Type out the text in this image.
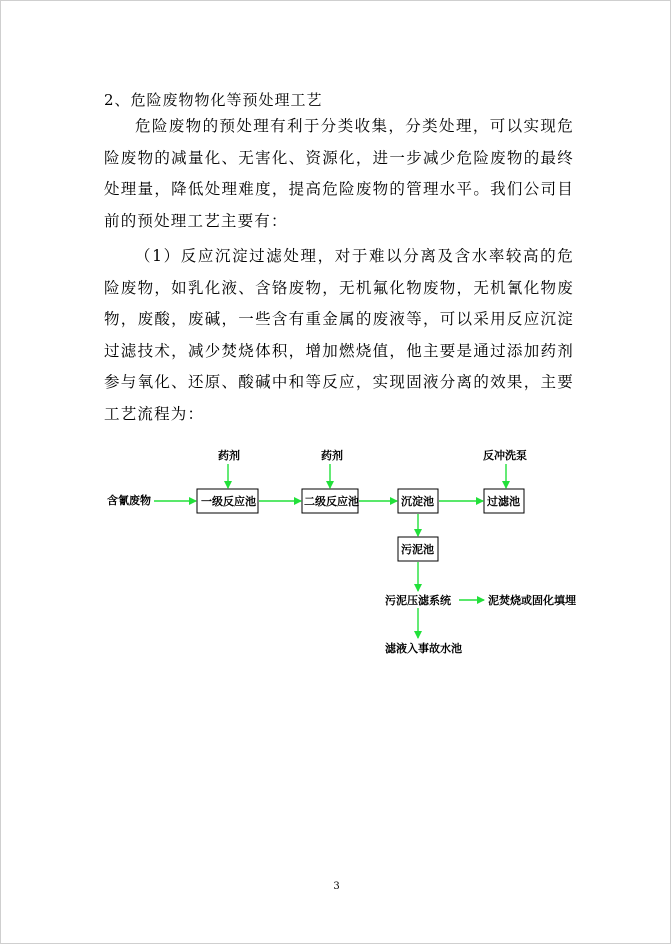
2、危险废物物化等预处理工艺
危险废物的预处理有利于分类收集，分类处理，可以实现危险废物的减量化、无害化、资源化，进一步减少危险废物的最终处理量，降低处理难度，提高危险废物的管理水平。我们公司目前的预处理工艺主要有：
（1）反应沉淀过滤处理，对于难以分离及含水率较高的危险废物，如乳化液、含铬废物，无机氟化物废物，无机氰化物废物，废酸，废碱，一些含有重金属的废液等，可以采用反应沉淀过滤技术，减少焚烧体积，增加燃烧值，他主要是通过添加药剂参与氧化、还原、酸碱中和等反应，实现固液分离的效果，主要工艺流程为：
含氰废物
药剂	药剂	反冲洗泵
一级反应池	二级反应池	沉淀池	过滤池
污泥池
污泥压滤系统	泥焚烧或固化填埋
滤液入事故水池
3
